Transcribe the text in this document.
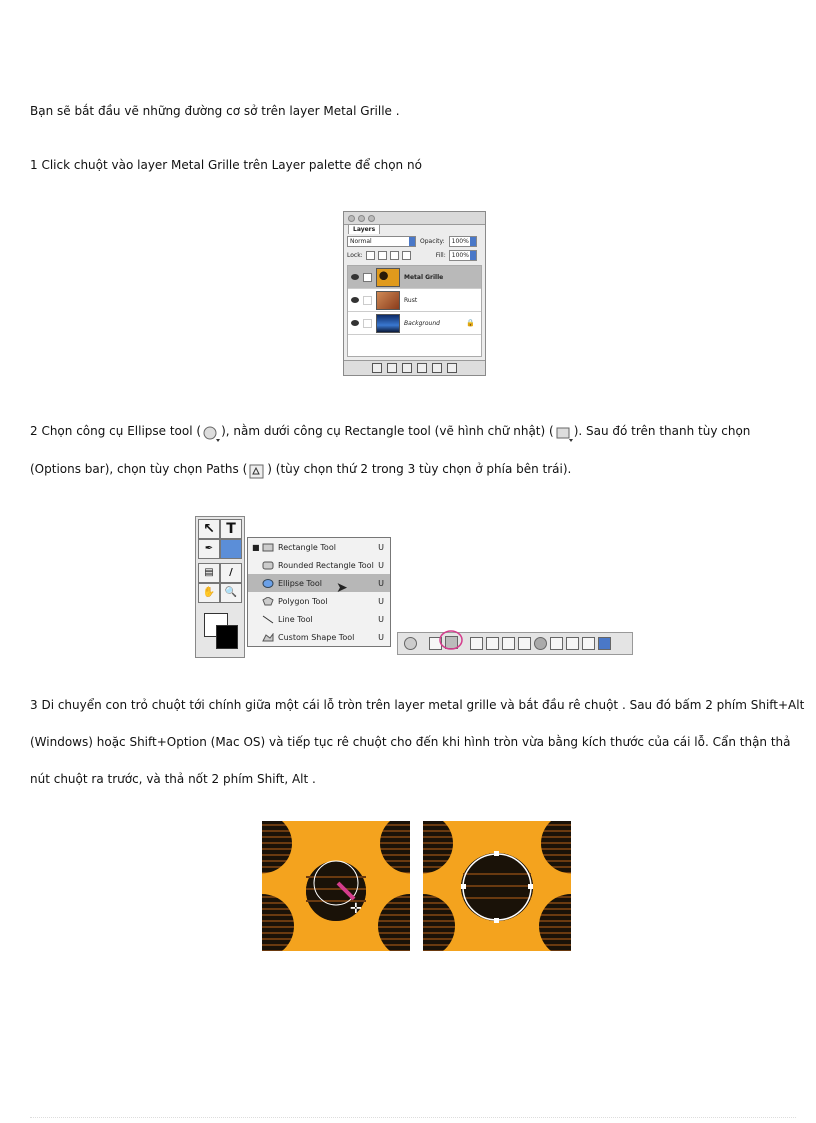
Bạn sẽ bắt đầu vẽ những đường cơ sở trên layer Metal Grille .
1 Click chuột vào layer Metal Grille trên Layer palette để chọn nó
Layers
Normal	Opacity:	100%
Lock:	Fill:	100%
Metal Grille
Rust
Background	🔒
2 Chọn công cụ Ellipse tool ( ), nằm dưới công cụ Rectangle tool (vẽ hình chữ nhật) ( ). Sau đó trên thanh tùy chọn
(Options bar), chọn tùy chọn Paths ( ) (tùy chọn thứ 2 trong 3 tùy chọn ở phía bên trái).
↖ T
✒
▤	/
✋ 🔍
■ Rectangle Tool	U
Rounded Rectangle Tool U
Ellipse Tool	U
➤
Polygon Tool	U
Line Tool	U
Custom Shape Tool	U
3 Di chuyển con trỏ chuột tới chính giữa một cái lỗ tròn trên layer metal grille và bắt đầu rê chuột . Sau đó bấm 2 phím Shift+Alt
(Windows) hoặc Shift+Option (Mac OS) và tiếp tục rê chuột cho đến khi hình tròn vừa bằng kích thước của cái lỗ. Cẩn thận thả
nút chuột ra trước, và thả nốt 2 phím Shift, Alt .
✛
